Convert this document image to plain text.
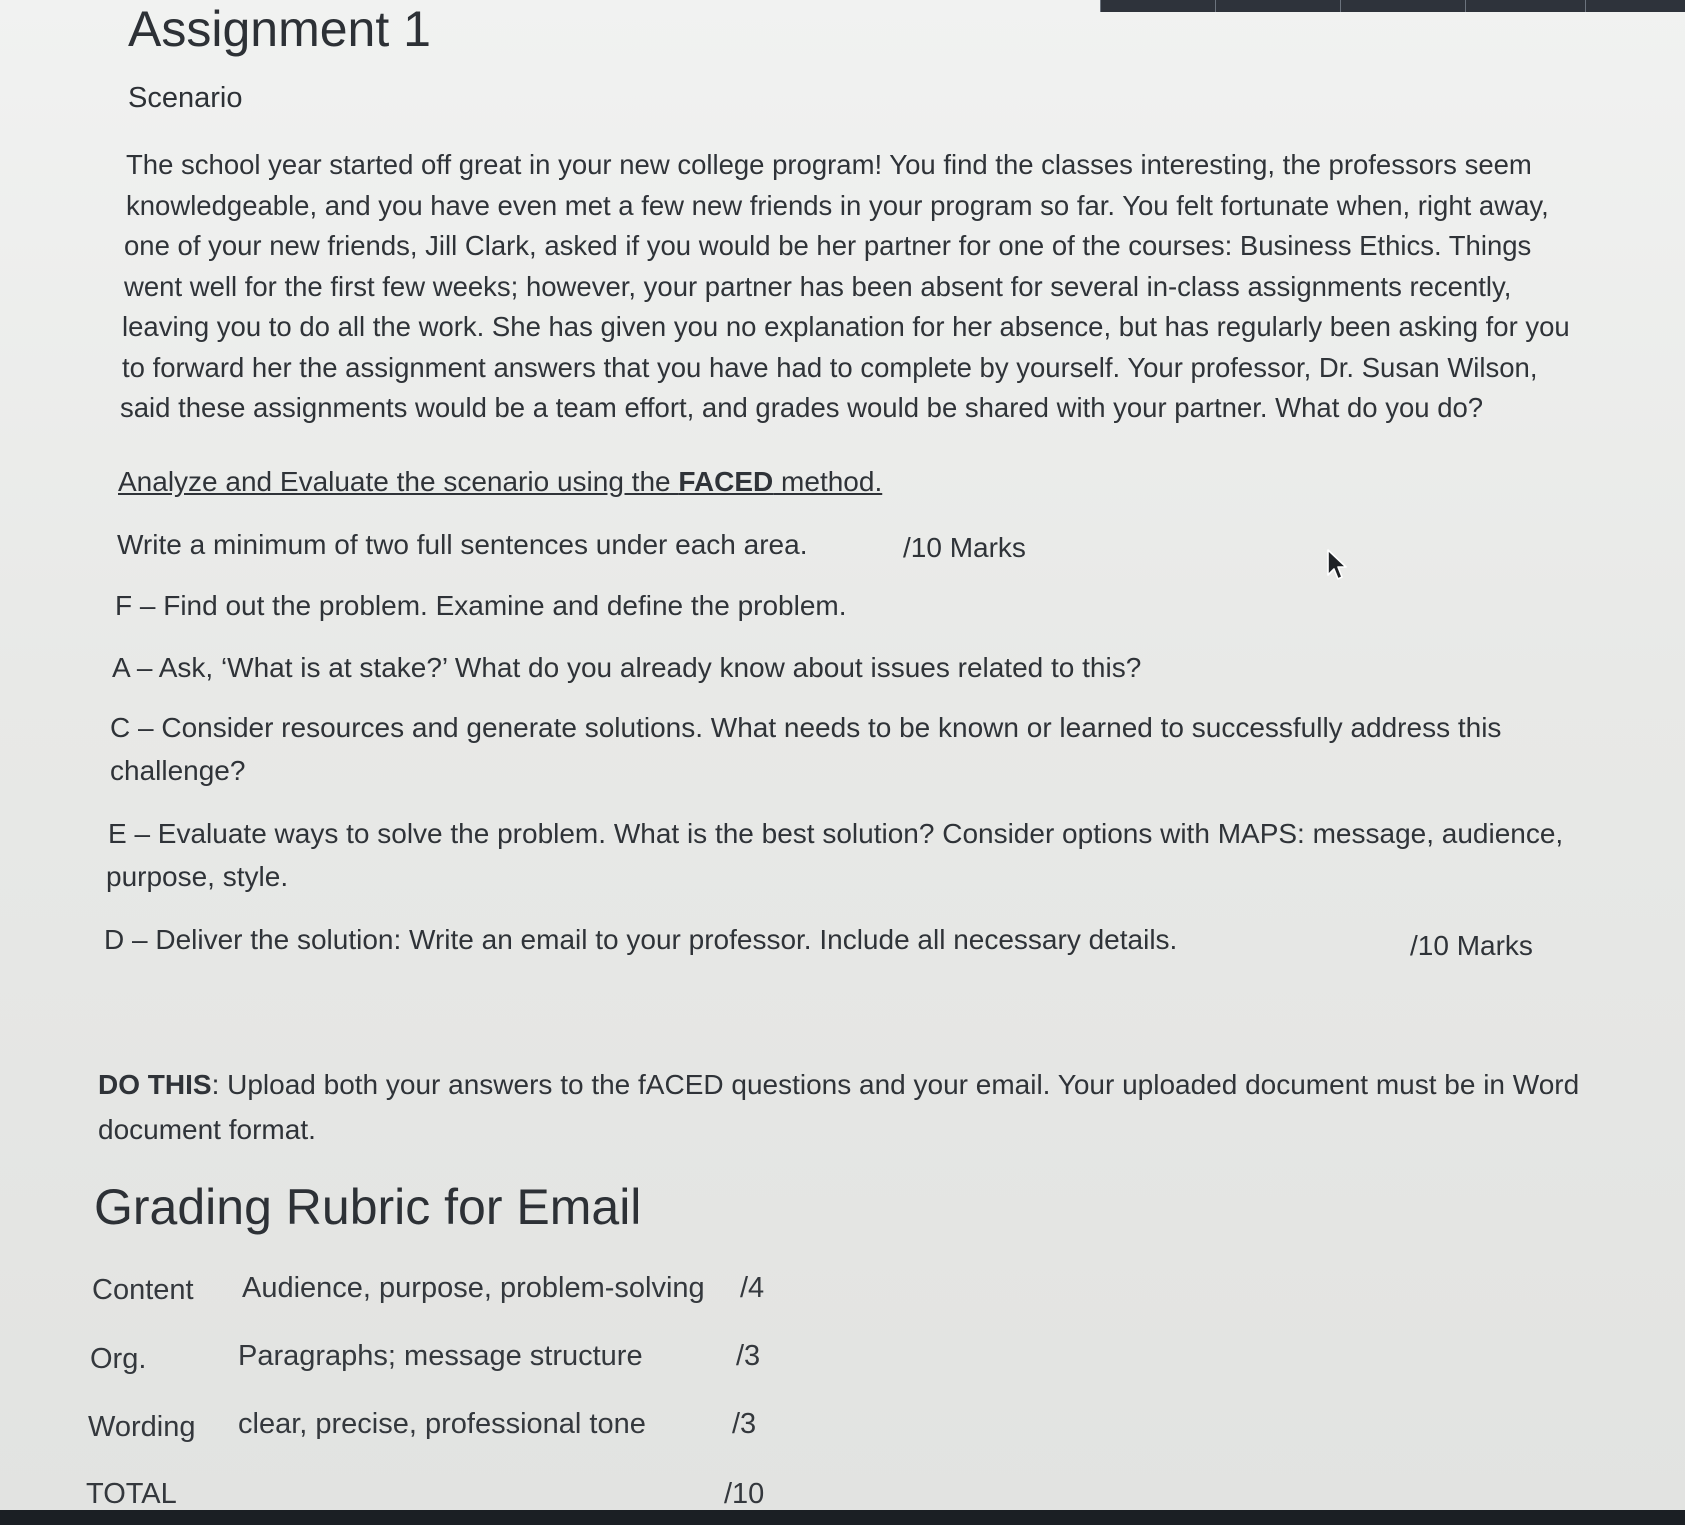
Assignment 1
Scenario
The school year started off great in your new college program! You find the classes interesting, the professors seem
knowledgeable, and you have even met a few new friends in your program so far. You felt fortunate when, right away,
one of your new friends, Jill Clark, asked if you would be her partner for one of the courses: Business Ethics. Things
went well for the first few weeks; however, your partner has been absent for several in-class assignments recently,
leaving you to do all the work. She has given you no explanation for her absence, but has regularly been asking for you
to forward her the assignment answers that you have had to complete by yourself. Your professor, Dr. Susan Wilson,
said these assignments would be a team effort, and grades would be shared with your partner. What do you do?
Analyze and Evaluate the scenario using the FACED method.
Write a minimum of two full sentences under each area.	/10 Marks
F – Find out the problem. Examine and define the problem.
A – Ask, ‘What is at stake?’ What do you already know about issues related to this?
C – Consider resources and generate solutions. What needs to be known or learned to successfully address this
challenge?
E – Evaluate ways to solve the problem. What is the best solution? Consider options with MAPS: message, audience,
purpose, style.
D – Deliver the solution: Write an email to your professor. Include all necessary details.	/10 Marks
DO THIS: Upload both your answers to the fACED questions and your email. Your uploaded document must be in Word
document format.
Grading Rubric for Email
Content Audience, purpose, problem-solving /4
Org.	Paragraphs; message structure	/3
Wording clear, precise, professional tone	/3
TOTAL	/10
